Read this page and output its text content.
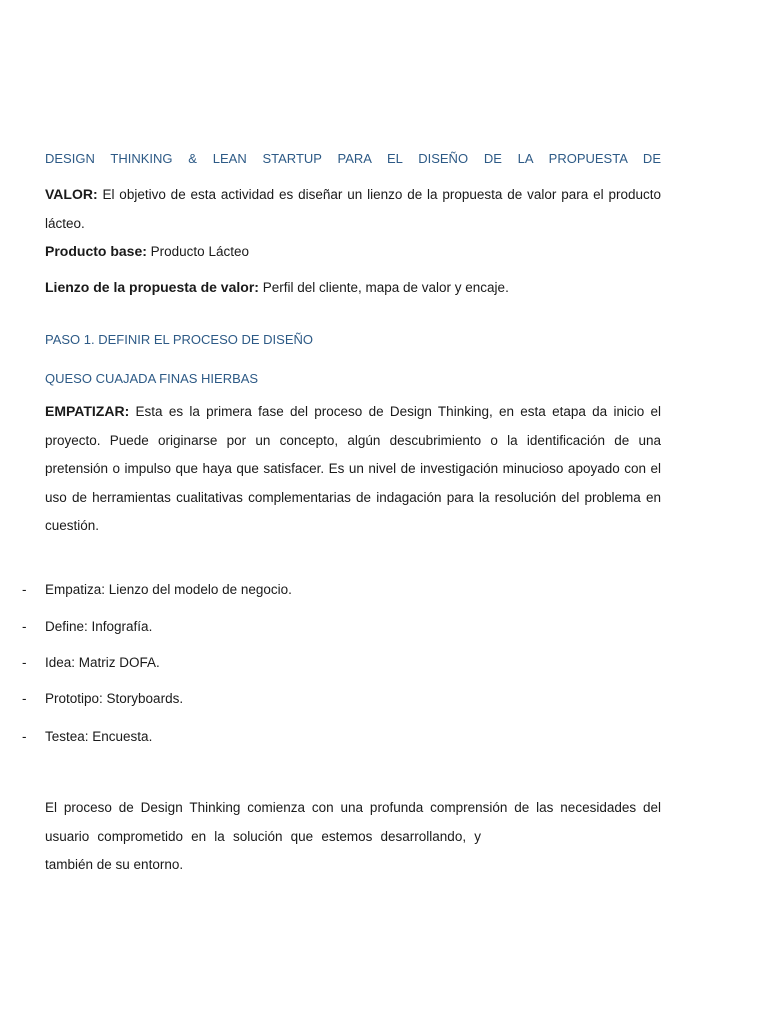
DESIGN THINKING & LEAN STARTUP PARA EL DISEÑO DE LA PROPUESTA DE
VALOR: El objetivo de esta actividad es diseñar un lienzo de la propuesta de valor para el producto lácteo.
Producto base: Producto Lácteo
Lienzo de la propuesta de valor: Perfil del cliente, mapa de valor y encaje.
PASO 1. DEFINIR EL PROCESO DE DISEÑO
QUESO CUAJADA FINAS HIERBAS
EMPATIZAR: Esta es la primera fase del proceso de Design Thinking, en esta etapa da inicio el proyecto. Puede originarse por un concepto, algún descubrimiento o la identificación de una pretensión o impulso que haya que satisfacer. Es un nivel de investigación minucioso apoyado con el uso de herramientas cualitativas complementarias de indagación para la resolución del problema en cuestión.
- Empatiza: Lienzo del modelo de negocio.
- Define: Infografía.
- Idea: Matriz DOFA.
- Prototipo: Storyboards.
- Testea: Encuesta.
El proceso de Design Thinking comienza con una profunda comprensión de las necesidades del
usuario comprometido en la solución que estemos desarrollando, y
también de su entorno.
